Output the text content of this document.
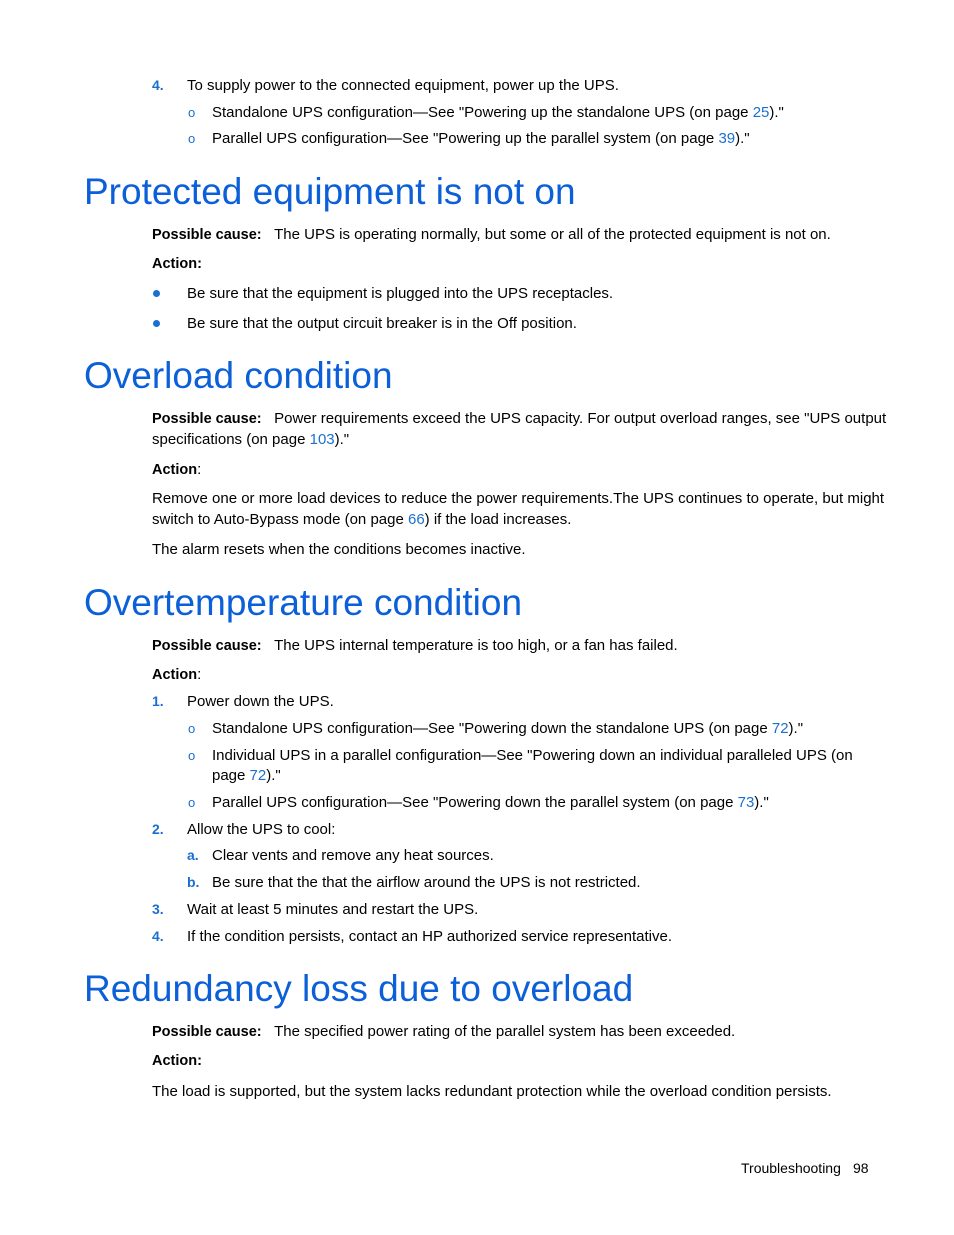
4. To supply power to the connected equipment, power up the UPS.
o Standalone UPS configuration—See "Powering up the standalone UPS (on page 25)."
o Parallel UPS configuration—See "Powering up the parallel system (on page 39)."
Protected equipment is not on
Possible cause: The UPS is operating normally, but some or all of the protected equipment is not on.
Action:
Be sure that the equipment is plugged into the UPS receptacles.
Be sure that the output circuit breaker is in the Off position.
Overload condition
Possible cause: Power requirements exceed the UPS capacity. For output overload ranges, see "UPS output
specifications (on page 103)."
Action:
Remove one or more load devices to reduce the power requirements.The UPS continues to operate, but might
switch to Auto-Bypass mode (on page 66) if the load increases.
The alarm resets when the conditions becomes inactive.
Overtemperature condition
Possible cause: The UPS internal temperature is too high, or a fan has failed.
Action:
1. Power down the UPS.
o Standalone UPS configuration—See "Powering down the standalone UPS (on page 72)."
o Individual UPS in a parallel configuration—See "Powering down an individual paralleled UPS (on
page 72)."
o Parallel UPS configuration—See "Powering down the parallel system (on page 73)."
2. Allow the UPS to cool:
a. Clear vents and remove any heat sources.
b. Be sure that the that the airflow around the UPS is not restricted.
3. Wait at least 5 minutes and restart the UPS.
4. If the condition persists, contact an HP authorized service representative.
Redundancy loss due to overload
Possible cause: The specified power rating of the parallel system has been exceeded.
Action:
The load is supported, but the system lacks redundant protection while the overload condition persists.
Troubleshooting 98
